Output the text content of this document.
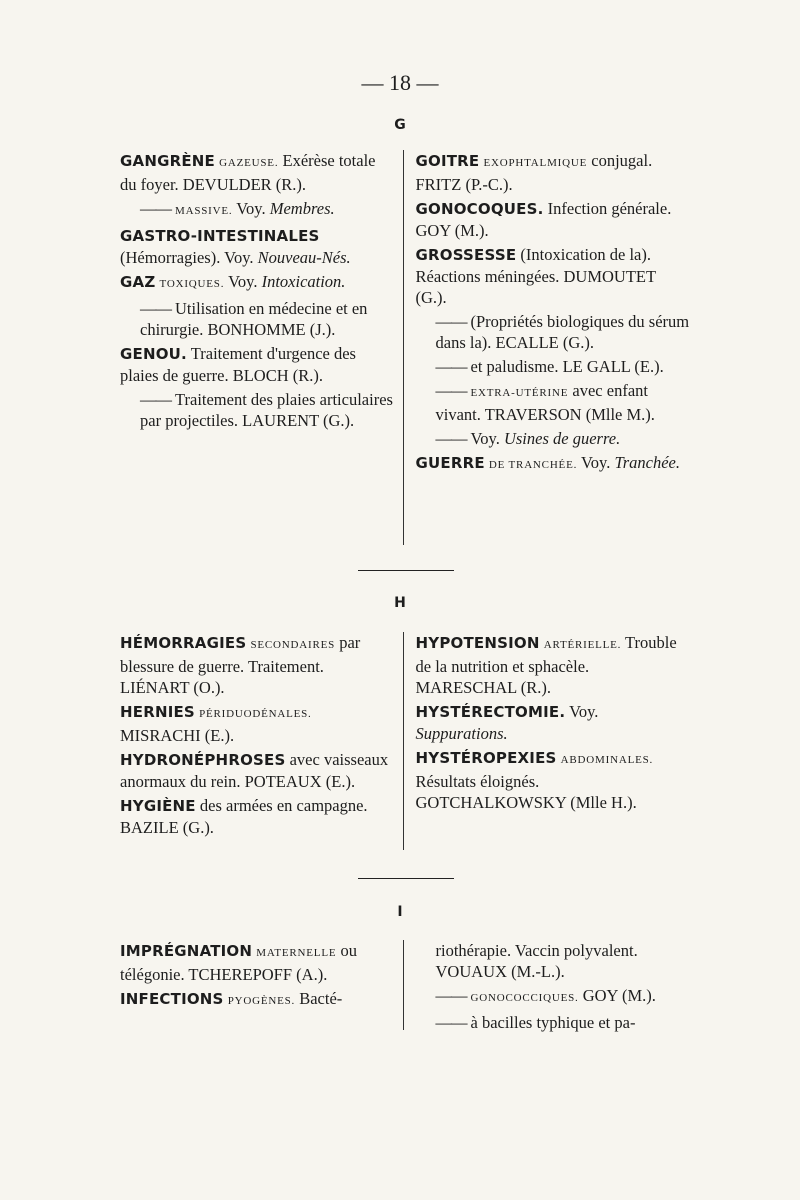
— 18 —
G
GANGRÈNE GAZEUSE. Exérèse totale du foyer. DEVULDER (R.).
—— MASSIVE. Voy. Membres.
GASTRO-INTESTINALES (Hémorragies). Voy. Nouveau-Nés.
GAZ TOXIQUES. Voy. Intoxication.
—— Utilisation en médecine et en chirurgie. BONHOMME (J.).
GENOU. Traitement d'urgence des plaies de guerre. BLOCH (R.).
—— Traitement des plaies articulaires par projectiles. LAURENT (G.).
GOITRE EXOPHTALMIQUE conjugal. FRITZ (P.-C.).
GONOCOQUES. Infection générale. GOY (M.).
GROSSESSE (Intoxication de la). Réactions méningées. DUMOUTET (G.).
—— (Propriétés biologiques du sérum dans la). ECALLE (G.).
—— et paludisme. LE GALL (E.).
—— EXTRA-UTÉRINE avec enfant vivant. TRAVERSON (Mlle M.).
—— Voy. Usines de guerre.
GUERRE DE TRANCHÉE. Voy. Tranchée.
H
HÉMORRAGIES SECONDAIRES par blessure de guerre. Traitement. LIÉNART (O.).
HERNIES PÉRIDUODÉNALES. MISRACHI (E.).
HYDRONÉPHROSES avec vaisseaux anormaux du rein. POTEAUX (E.).
HYGIÈNE des armées en campagne. BAZILE (G.).
HYPOTENSION ARTÉRIELLE. Trouble de la nutrition et sphacèle. MARESCHAL (R.).
HYSTÉRECTOMIE. Voy. Suppurations.
HYSTÉROPEXIES ABDOMINALES. Résultats éloignés. GOTCHALKOWSKY (Mlle H.).
I
IMPRÉGNATION MATERNELLE ou télégonie. TCHEREPOFF (A.).
INFECTIONS PYOGÈNES. Bacté-
riothérapie. Vaccin polyvalent. VOUAUX (M.-L.).
—— GONOCOCCIQUES. GOY (M.).
—— à bacilles typhique et pa-
